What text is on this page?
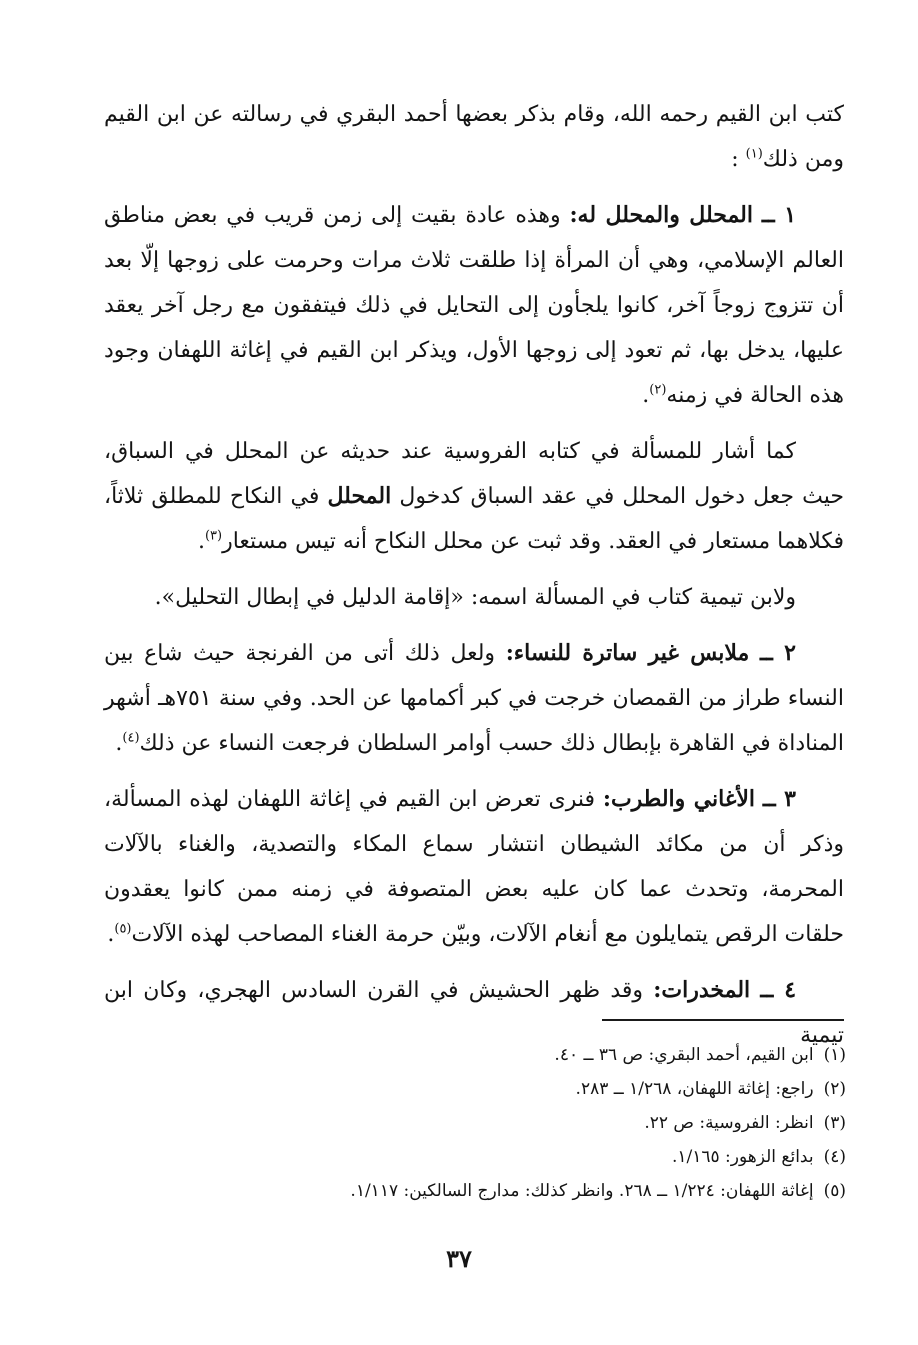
كتب ابن القيم رحمه الله، وقام بذكر بعضها أحمد البقري في رسالته عن ابن القيم ومن ذلك$^{(١)}$ :

١ ــ المحلل والمحلل له: وهذه عادة بقيت إلى زمن قريب في بعض مناطق العالم الإسلامي، وهي أن المرأة إذا طلقت ثلاث مرات وحرمت على زوجها إلّا بعد أن تتزوج زوجاً آخر، كانوا يلجأون إلى التحايل في ذلك فيتفقون مع رجل آخر يعقد عليها، يدخل بها، ثم تعود إلى زوجها الأول، ويذكر ابن القيم في إغاثة اللهفان وجود هذه الحالة في زمنه$^{(٢)}$.

كما أشار للمسألة في كتابه الفروسية عند حديثه عن المحلل في السباق، حيث جعل دخول المحلل في عقد السباق كدخول المحلل في النكاح للمطلق ثلاثاً، فكلاهما مستعار في العقد. وقد ثبت عن محلل النكاح أنه تيس مستعار$^{(٣)}$.

ولابن تيمية كتاب في المسألة اسمه: «إقامة الدليل في إبطال التحليل».

٢ ــ ملابس غير ساترة للنساء: ولعل ذلك أتى من الفرنجة حيث شاع بين النساء طراز من القمصان خرجت في كبر أكمامها عن الحد. وفي سنة ٧٥١هـ أشهر المناداة في القاهرة بإبطال ذلك حسب أوامر السلطان فرجعت النساء عن ذلك$^{(٤)}$.

٣ ــ الأغاني والطرب: فنرى تعرض ابن القيم في إغاثة اللهفان لهذه المسألة، وذكر أن من مكائد الشيطان انتشار سماع المكاء والتصدية، والغناء بالآلات المحرمة، وتحدث عما كان عليه بعض المتصوفة في زمنه ممن كانوا يعقدون حلقات الرقص يتمايلون مع أنغام الآلات، وبيّن حرمة الغناء المصاحب لهذه الآلات$^{(٥)}$.

٤ ــ المخدرات: وقد ظهر الحشيش في القرن السادس الهجري، وكان ابن تيمية

(١)ابن القيم، أحمد البقري: ص ٣٦ ــ ٤٠.
(٢)راجع: إغاثة اللهفان، ١/٢٦٨ ــ ٢٨٣.
(٣)انظر: الفروسية: ص ٢٢.
(٤)بدائع الزهور: ١/١٦٥.
(٥)إغاثة اللهفان: ١/٢٢٤ ــ ٢٦٨. وانظر كذلك: مدارج السالكين: ١/١١٧.
٣٧
